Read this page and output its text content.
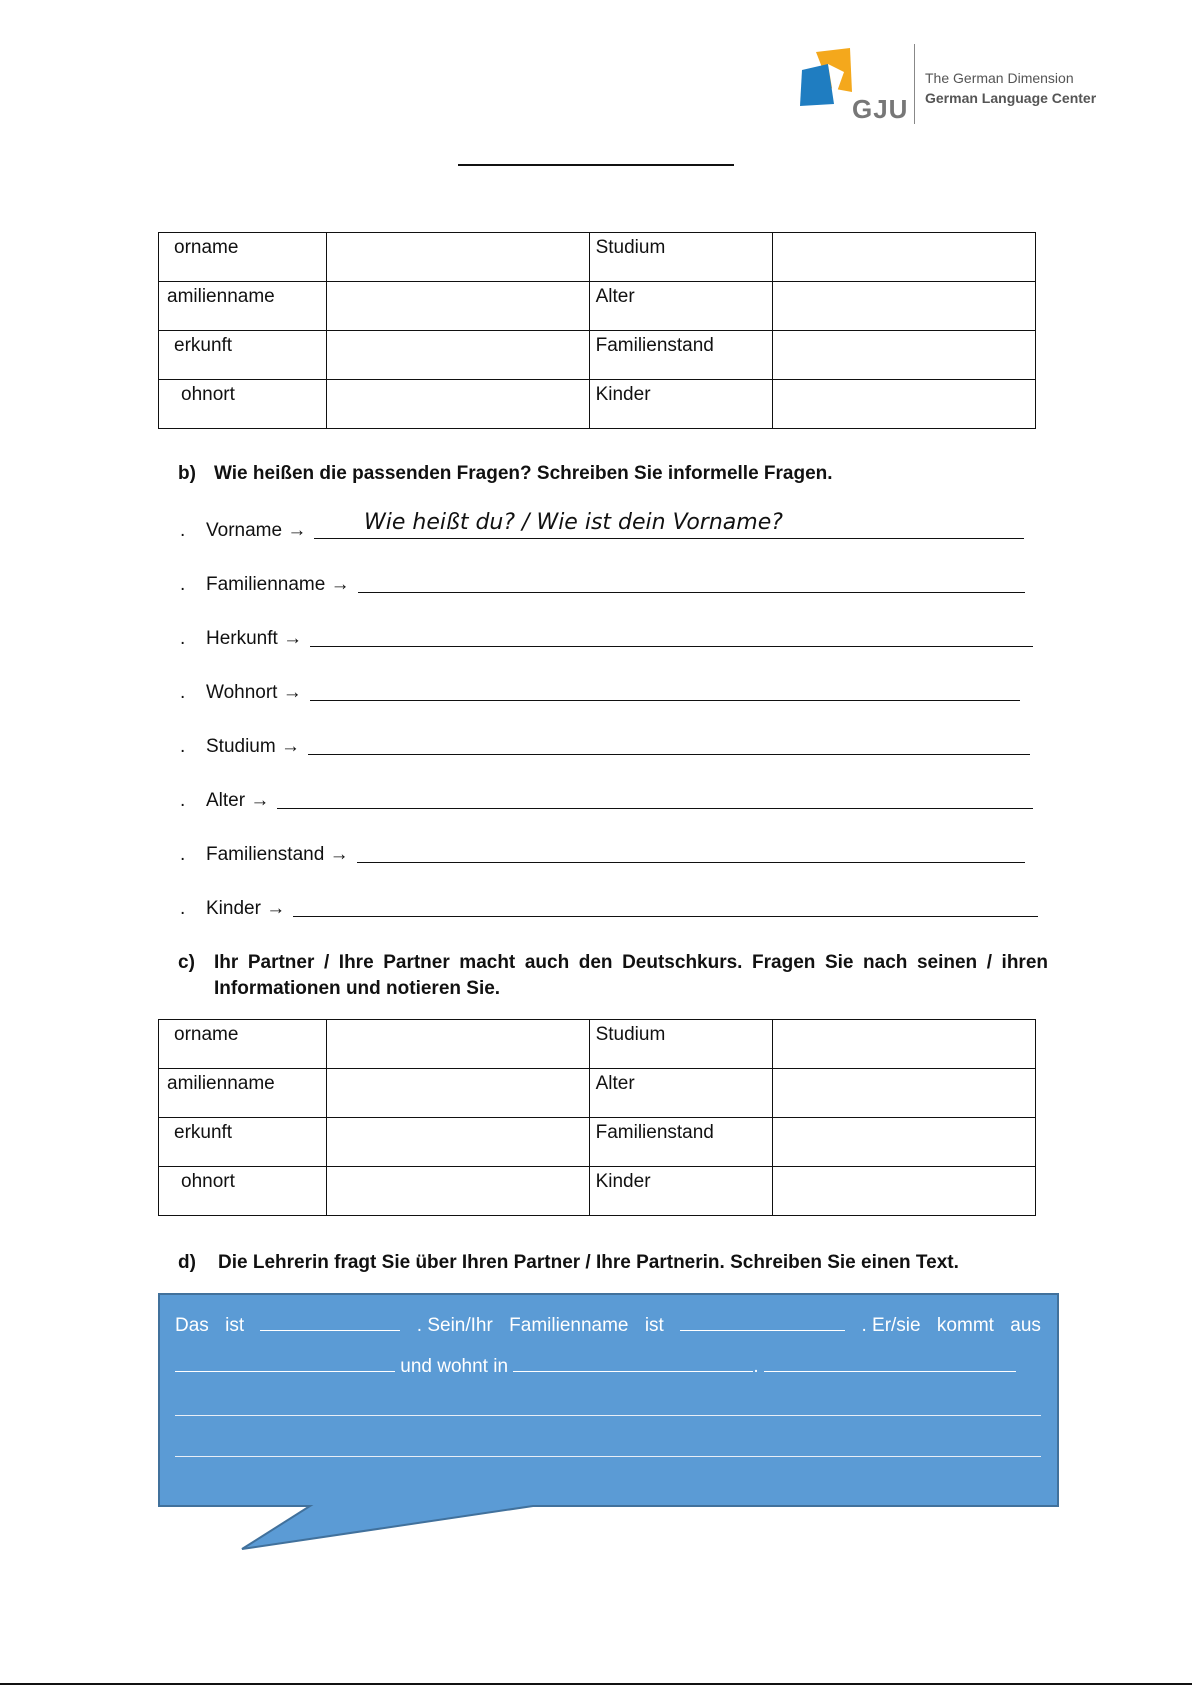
GJU
The German Dimension
German Language Center
orname		Studium	
amilienname		Alter	
erkunft		Familienstand	
ohnort		Kinder	
b) Wie heißen die passenden Fragen? Schreiben Sie informelle Fragen.
Wie heißt du? / Wie ist dein Vorname?
.	Vorname
→
.	Familienname
→
.	Herkunft
→
.	Wohnort
→
.	Studium
→
.	Alter
→
.	Familienstand
→
.	Kinder
→
c)	Ihr Partner / Ihre Partner macht auch den Deutschkurs. Fragen Sie nach seinen / ihren
Informationen und notieren Sie.
orname		Studium	
amilienname		Alter	
erkunft		Familienstand	
ohnort		Kinder	
d) Die Lehrerin fragt Sie über Ihren Partner / Ihre Partnerin. Schreiben Sie einen Text.
Das ist	. Sein/Ihr Familienname ist	. Er/sie kommt aus
und wohnt in	.
